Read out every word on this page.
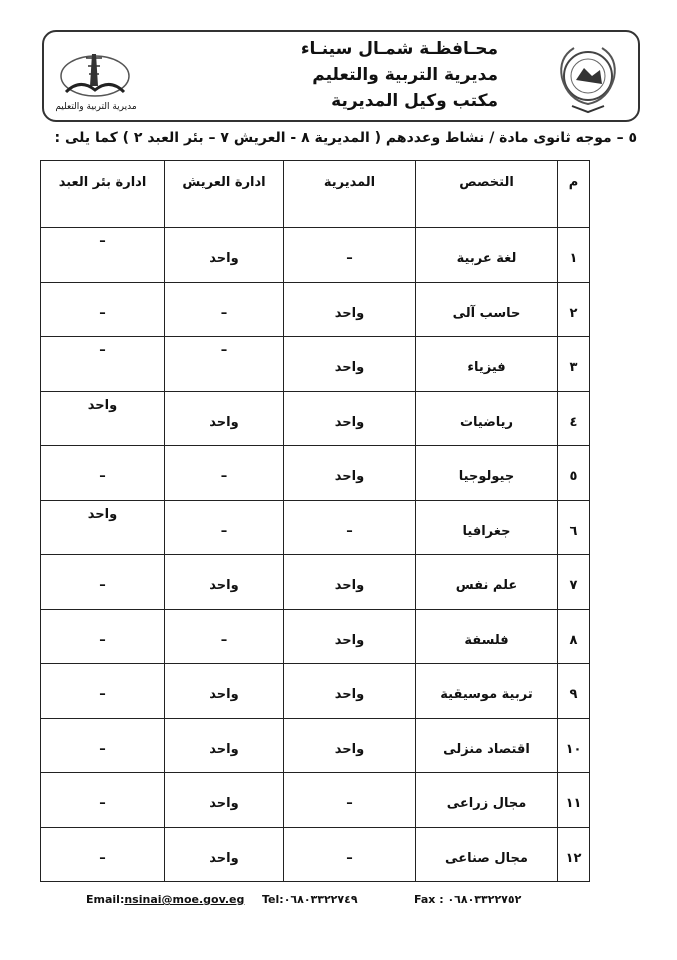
محـافظـة شمـال سينـاء
مديرية التربية والتعليم
مكتب وكيل المديرية
مديرية التربية والتعليم
٥ – موجه ثانوى مادة / نشاط وعددهم ( المديرية ٨ - العريش ٧ – بئر العبد ٢ ) كما يلى :
م	التخصص	المديرية	ادارة العريش	ادارة بئر العبد
١	لغة عربية	–	واحد	–

٢	حاسب آلى	واحد	–	–
٣	فيزياء	واحد	–	–

٤	رياضيات	واحد	واحد	واحد

٥	جيولوجيا	واحد	–	–
٦	جغرافيا	–	–	واحد

٧	علم نفس	واحد	واحد	–
٨	فلسفة	واحد	–	–
٩	تربية موسيقية	واحد	واحد	–
١٠	اقتصاد منزلى	واحد	واحد	–
١١	مجال زراعى	–	واحد	–
١٢	مجال صناعى	–	واحد	–
Email:nsinai@moe.gov.eg Tel:٠٦٨٠٣٣٢٢٧٤٩	Fax : ٠٦٨٠٣٣٢٢٧٥٢
